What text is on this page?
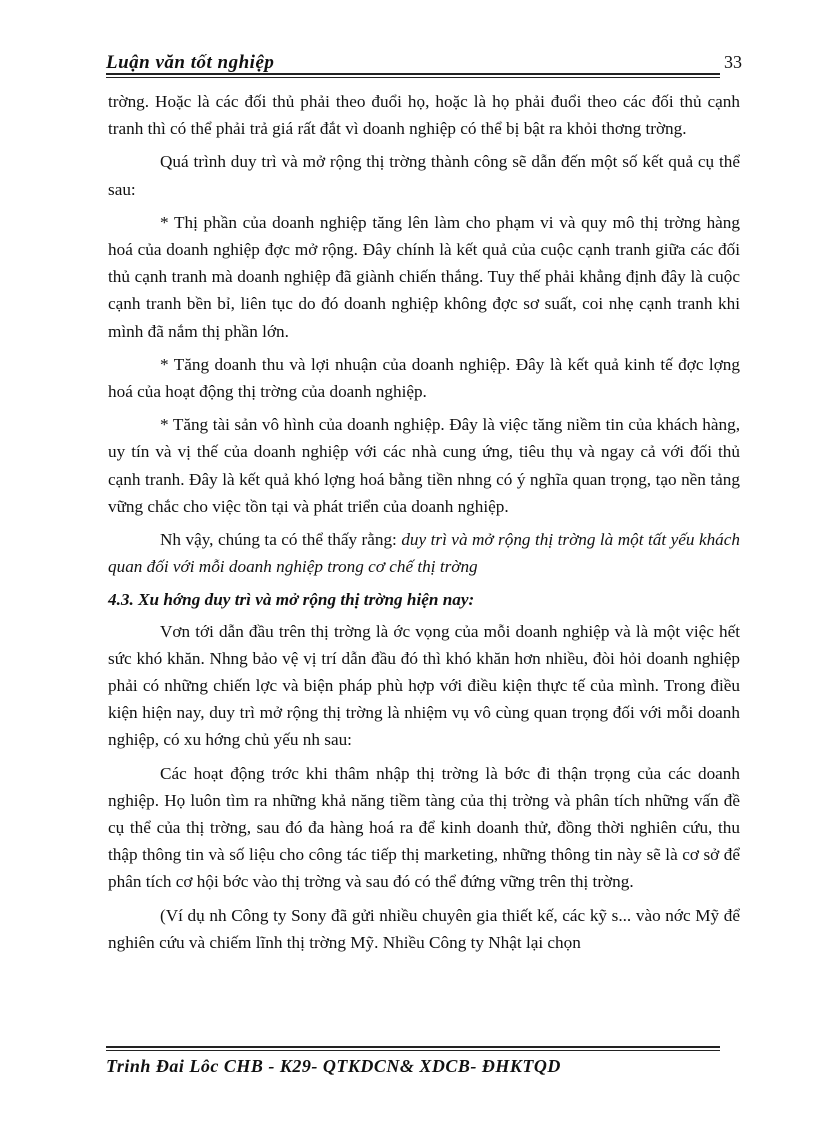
Luận văn tốt nghiệp	33

trờng. Hoặc là các đối thủ phải theo đuổi họ, hoặc là họ phải đuổi theo các đối thủ cạnh tranh thì có thể phải trả giá rất đắt vì doanh nghiệp có thể bị bật ra khỏi thơng trờng.

Quá trình duy trì và mở rộng thị trờng thành công sẽ dẫn đến một số kết quả cụ thể sau:

* Thị phần của doanh nghiệp tăng lên làm cho phạm vi và quy mô thị trờng hàng hoá của doanh nghiệp đợc mở rộng. Đây chính là kết quả của cuộc cạnh tranh giữa các đối thủ cạnh tranh mà doanh nghiệp đã giành chiến thắng. Tuy thế phải khẳng định đây là cuộc cạnh tranh bền bỉ, liên tục do đó doanh nghiệp không đợc sơ suất, coi nhẹ cạnh tranh khi mình đã nắm thị phần lớn.

* Tăng doanh thu và lợi nhuận của doanh nghiệp. Đây là kết quả kinh tế đợc lợng hoá của hoạt động thị trờng của doanh nghiệp.

* Tăng tài sản vô hình của doanh nghiệp. Đây là việc tăng niềm tin của khách hàng, uy tín và vị thế của doanh nghiệp với các nhà cung ứng, tiêu thụ và ngay cả với đối thủ cạnh tranh. Đây là kết quả khó lợng hoá bằng tiền nhng có ý nghĩa quan trọng, tạo nền tảng vững chắc cho việc tồn tại và phát triển của doanh nghiệp.

Nh vậy, chúng ta có thể thấy rằng: duy trì và mở rộng thị trờng là một tất yếu khách quan đối với mỗi doanh nghiệp trong cơ chế thị trờng

4.3. Xu hớng duy trì và mở rộng thị trờng hiện nay:

Vơn tới dẫn đầu trên thị trờng là ớc vọng của mỗi doanh nghiệp và là một việc hết sức khó khăn. Nhng bảo vệ vị trí dẫn đầu đó thì khó khăn hơn nhiều, đòi hỏi doanh nghiệp phải có những chiến lợc và biện pháp phù hợp với điều kiện thực tế của mình. Trong điều kiện hiện nay, duy trì mở rộng thị trờng là nhiệm vụ vô cùng quan trọng đối với mỗi doanh nghiệp, có xu hớng chủ yếu nh sau:

Các hoạt động trớc khi thâm nhập thị trờng là bớc đi thận trọng của các doanh nghiệp. Họ luôn tìm ra những khả năng tiềm tàng của thị trờng và phân tích những vấn đề cụ thể của thị trờng, sau đó đa hàng hoá ra để kinh doanh thử, đồng thời nghiên cứu, thu thập thông tin và số liệu cho công tác tiếp thị marketing, những thông tin này sẽ là cơ sở để phân tích cơ hội bớc vào thị trờng và sau đó có thể đứng vững trên thị trờng.

(Ví dụ nh Công ty Sony đã gửi nhiều chuyên gia thiết kế, các kỹ s... vào nớc Mỹ để nghiên cứu và chiếm lĩnh thị trờng Mỹ. Nhiều Công ty Nhật lại chọn

Trinh Đai Lôc CHB - K29- QTKDCN& XDCB- ĐHKTQD
